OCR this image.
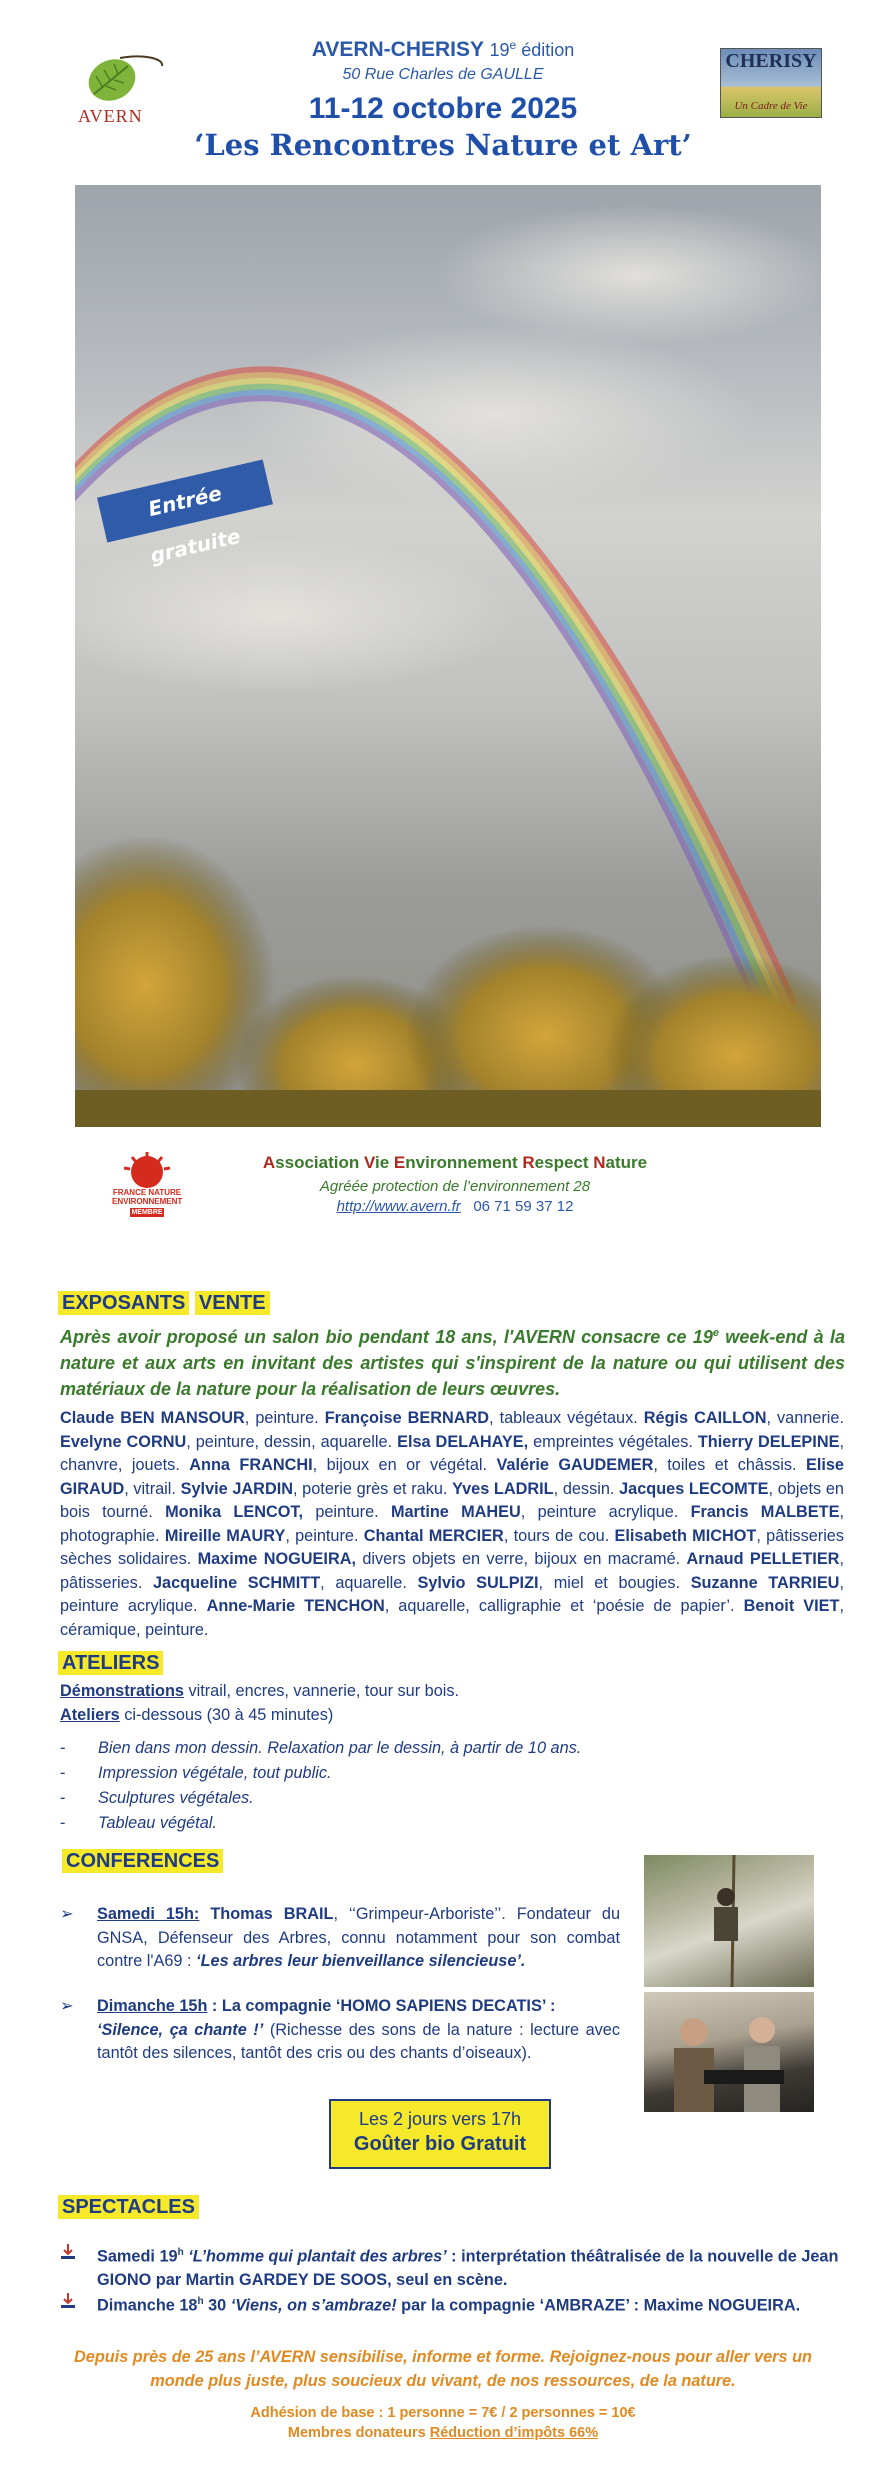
AVERN
CHERISY
Un Cadre de Vie
AVERN-CHERISY 19e édition
50 Rue Charles de GAULLE
11-12 octobre 2025
‘Les Rencontres Nature et Art’
Entrée gratuite
FRANCE NATURE ENVIRONNEMENT
MEMBRE
Association Vie Environnement Respect Nature
Agréée protection de l’environnement 28
http://www.avern.fr 06 71 59 37 12
EXPOSANTS VENTE
Après avoir proposé un salon bio pendant 18 ans, l'AVERN consacre ce 19e week-end à la nature et aux arts en invitant des artistes qui s'inspirent de la nature ou qui utilisent des matériaux de la nature pour la réalisation de leurs œuvres.
Claude BEN MANSOUR, peinture. Françoise BERNARD, tableaux végétaux. Régis CAILLON, vannerie. Evelyne CORNU, peinture, dessin, aquarelle. Elsa DELAHAYE, empreintes végétales. Thierry DELEPINE, chanvre, jouets. Anna FRANCHI, bijoux en or végétal. Valérie GAUDEMER, toiles et châssis. Elise GIRAUD, vitrail. Sylvie JARDIN, poterie grès et raku. Yves LADRIL, dessin. Jacques LECOMTE, objets en bois tourné. Monika LENCOT, peinture. Martine MAHEU, peinture acrylique. Francis MALBETE, photographie. Mireille MAURY, peinture. Chantal MERCIER, tours de cou. Elisabeth MICHOT, pâtisseries sèches solidaires. Maxime NOGUEIRA, divers objets en verre, bijoux en macramé. Arnaud PELLETIER, pâtisseries. Jacqueline SCHMITT, aquarelle. Sylvio SULPIZI, miel et bougies. Suzanne TARRIEU, peinture acrylique. Anne-Marie TENCHON, aquarelle, calligraphie et ‘poésie de papier’. Benoit VIET, céramique, peinture.
ATELIERS
Démonstrations vitrail, encres, vannerie, tour sur bois.
Ateliers ci-dessous (30 à 45 minutes)
- Bien dans mon dessin. Relaxation par le dessin, à partir de 10 ans.
- Impression végétale, tout public.
- Sculptures végétales.
- Tableau végétal.
CONFERENCES
➢ Samedi 15h: Thomas BRAIL, ‘‘Grimpeur-Arboriste’’. Fondateur du GNSA, Défenseur des Arbres, connu notamment pour son combat contre l'A69 : ‘Les arbres leur bienveillance silencieuse’.
➢ Dimanche 15h : La compagnie ‘HOMO SAPIENS DECATIS’ :
‘Silence, ça chante !’ (Richesse des sons de la nature : lecture avec tantôt des silences, tantôt des cris ou des chants d’oiseaux).
Les 2 jours vers 17h
Goûter bio Gratuit
SPECTACLES
Samedi 19$^h$ ‘L’homme qui plantait des arbres’ : interprétation théâtralisée de la nouvelle de Jean GIONO par Martin GARDEY DE SOOS, seul en scène.
Dimanche 18$^h$ 30 ‘Viens, on s’ambraze! par la compagnie ‘AMBRAZE’ : Maxime NOGUEIRA.
Depuis près de 25 ans l’AVERN sensibilise, informe et forme. Rejoignez-nous pour aller vers un monde plus juste, plus soucieux du vivant, de nos ressources, de la nature.
Adhésion de base : 1 personne = 7€ / 2 personnes = 10€
Membres donateurs Réduction d’impôts 66%
